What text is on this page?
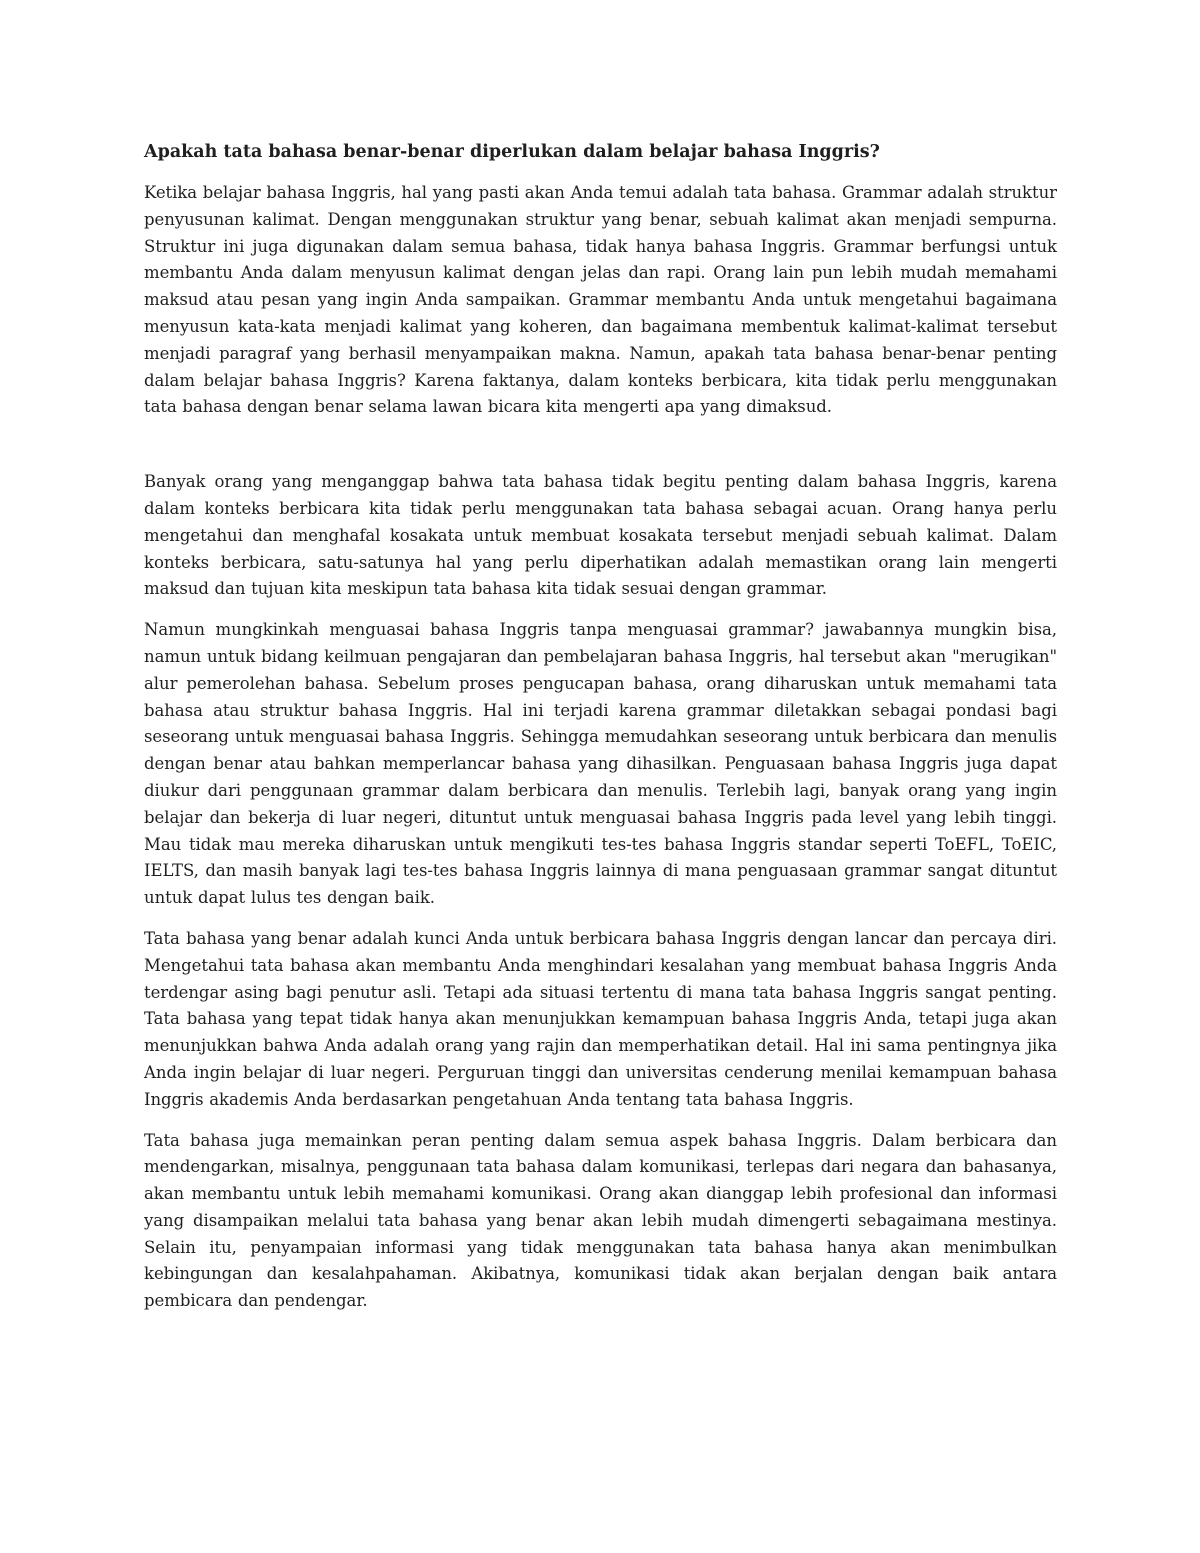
Apakah tata bahasa benar-benar diperlukan dalam belajar bahasa Inggris?

Ketika belajar bahasa Inggris, hal yang pasti akan Anda temui adalah tata bahasa. Grammar adalah struktur penyusunan kalimat. Dengan menggunakan struktur yang benar, sebuah kalimat akan menjadi sempurna. Struktur ini juga digunakan dalam semua bahasa, tidak hanya bahasa Inggris. Grammar berfungsi untuk membantu Anda dalam menyusun kalimat dengan jelas dan rapi. Orang lain pun lebih mudah memahami maksud atau pesan yang ingin Anda sampaikan. Grammar membantu Anda untuk mengetahui bagaimana menyusun kata-kata menjadi kalimat yang koheren, dan bagaimana membentuk kalimat-kalimat tersebut menjadi paragraf yang berhasil menyampaikan makna. Namun, apakah tata bahasa benar-benar penting dalam belajar bahasa Inggris? Karena faktanya, dalam konteks berbicara, kita tidak perlu menggunakan tata bahasa dengan benar selama lawan bicara kita mengerti apa yang dimaksud.

Banyak orang yang menganggap bahwa tata bahasa tidak begitu penting dalam bahasa Inggris, karena dalam konteks berbicara kita tidak perlu menggunakan tata bahasa sebagai acuan. Orang hanya perlu mengetahui dan menghafal kosakata untuk membuat kosakata tersebut menjadi sebuah kalimat. Dalam konteks berbicara, satu-satunya hal yang perlu diperhatikan adalah memastikan orang lain mengerti maksud dan tujuan kita meskipun tata bahasa kita tidak sesuai dengan grammar.

Namun mungkinkah menguasai bahasa Inggris tanpa menguasai grammar? jawabannya mungkin bisa, namun untuk bidang keilmuan pengajaran dan pembelajaran bahasa Inggris, hal tersebut akan "merugikan" alur pemerolehan bahasa. Sebelum proses pengucapan bahasa, orang diharuskan untuk memahami tata bahasa atau struktur bahasa Inggris. Hal ini terjadi karena grammar diletakkan sebagai pondasi bagi seseorang untuk menguasai bahasa Inggris. Sehingga memudahkan seseorang untuk berbicara dan menulis dengan benar atau bahkan memperlancar bahasa yang dihasilkan. Penguasaan bahasa Inggris juga dapat diukur dari penggunaan grammar dalam berbicara dan menulis. Terlebih lagi, banyak orang yang ingin belajar dan bekerja di luar negeri, dituntut untuk menguasai bahasa Inggris pada level yang lebih tinggi. Mau tidak mau mereka diharuskan untuk mengikuti tes-tes bahasa Inggris standar seperti ToEFL, ToEIC, IELTS, dan masih banyak lagi tes-tes bahasa Inggris lainnya di mana penguasaan grammar sangat dituntut untuk dapat lulus tes dengan baik.

Tata bahasa yang benar adalah kunci Anda untuk berbicara bahasa Inggris dengan lancar dan percaya diri. Mengetahui tata bahasa akan membantu Anda menghindari kesalahan yang membuat bahasa Inggris Anda terdengar asing bagi penutur asli. Tetapi ada situasi tertentu di mana tata bahasa Inggris sangat penting. Tata bahasa yang tepat tidak hanya akan menunjukkan kemampuan bahasa Inggris Anda, tetapi juga akan menunjukkan bahwa Anda adalah orang yang rajin dan memperhatikan detail. Hal ini sama pentingnya jika Anda ingin belajar di luar negeri. Perguruan tinggi dan universitas cenderung menilai kemampuan bahasa Inggris akademis Anda berdasarkan pengetahuan Anda tentang tata bahasa Inggris.

Tata bahasa juga memainkan peran penting dalam semua aspek bahasa Inggris. Dalam berbicara dan mendengarkan, misalnya, penggunaan tata bahasa dalam komunikasi, terlepas dari negara dan bahasanya, akan membantu untuk lebih memahami komunikasi. Orang akan dianggap lebih profesional dan informasi yang disampaikan melalui tata bahasa yang benar akan lebih mudah dimengerti sebagaimana mestinya. Selain itu, penyampaian informasi yang tidak menggunakan tata bahasa hanya akan menimbulkan kebingungan dan kesalahpahaman. Akibatnya, komunikasi tidak akan berjalan dengan baik antara pembicara dan pendengar.
